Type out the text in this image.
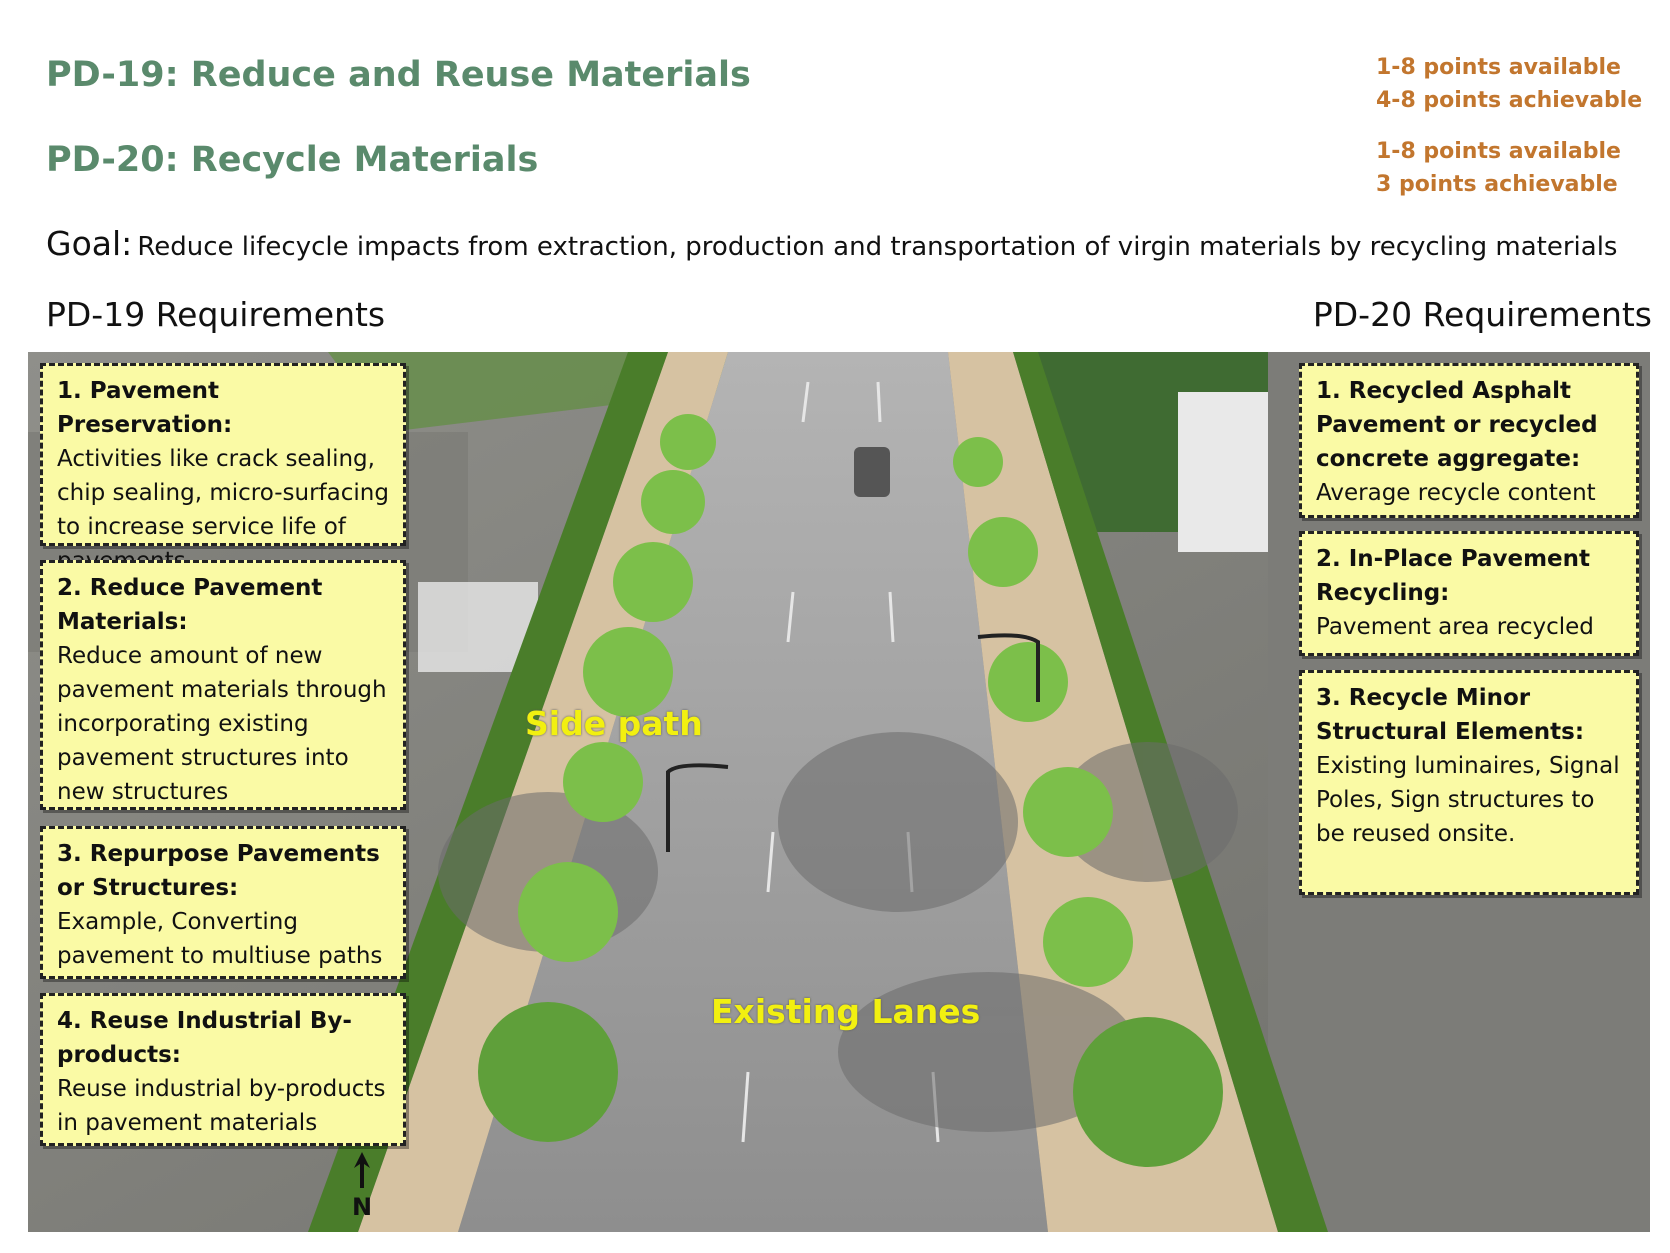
PD-19: Reduce and Reuse Materials
PD-20: Recycle Materials
1-8 points available
4-8 points achievable
1-8 points available
3 points achievable
Goal: Reduce lifecycle impacts from extraction, production and transportation of virgin materials by recycling materials
PD-19 Requirements	PD-20 Requirements
Side path
Existing Lanes
N
1. Pavement Preservation:
Activities like crack sealing, chip sealing, micro-surfacing to increase service life of
2. Reduce Pavement Materials:
Reduce amount of new pavement materials through incorporating existing pavement structures into new structures
3. Repurpose Pavements or Structures:
Example, Converting pavement to multiuse paths
4. Reuse Industrial By-products:
Reuse industrial by-products in pavement materials
1. Recycled Asphalt Pavement or recycled concrete aggregate:
Average recycle content
2. In-Place Pavement Recycling:
Pavement area recycled
3. Recycle Minor Structural Elements:
Existing luminaires, Signal Poles, Sign structures to be reused onsite.
